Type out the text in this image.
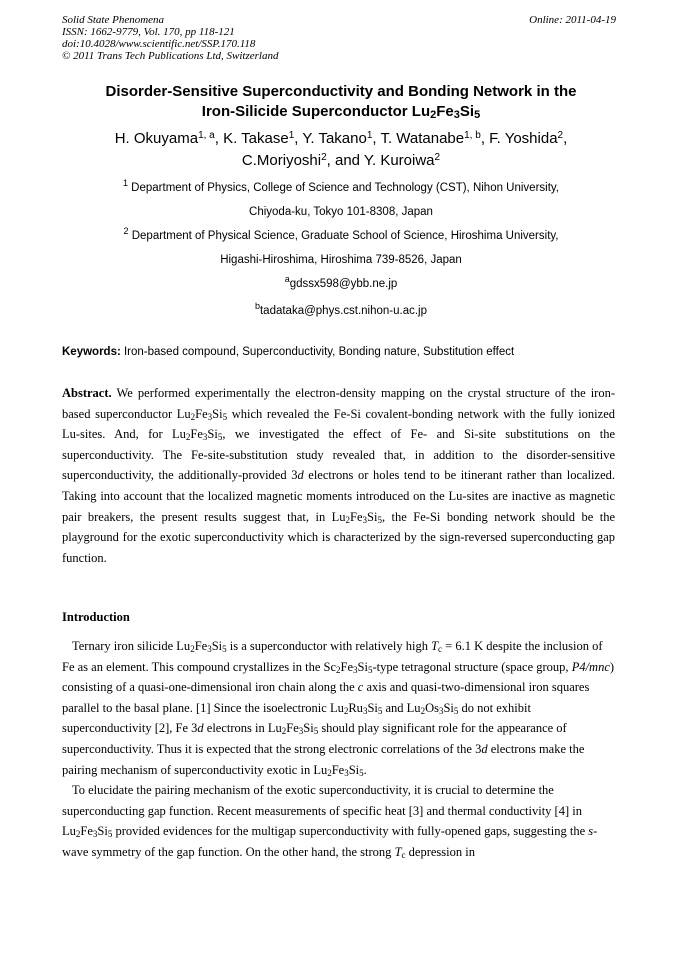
Solid State Phenomena
ISSN: 1662-9779, Vol. 170, pp 118-121
doi:10.4028/www.scientific.net/SSP.170.118
© 2011 Trans Tech Publications Ltd, Switzerland
Online: 2011-04-19
Disorder-Sensitive Superconductivity and Bonding Network in the
Iron-Silicide Superconductor $Lu_2Fe_3Si_5$
H. Okuyama$^{1, a}$, K. Takase$^1$, Y. Takano$^1$, T. Watanabe$^{1, b}$, F. Yoshida$^2$,
C.Moriyoshi$^2$, and Y. Kuroiwa$^2$
$^1$ Department of Physics, College of Science and Technology (CST), Nihon University,
Chiyoda-ku, Tokyo 101-8308, Japan
$^2$ Department of Physical Science, Graduate School of Science, Hiroshima University,
Higashi-Hiroshima, Hiroshima 739-8526, Japan
$^a$gdssx598@ybb.ne.jp
$^b$tadataka@phys.cst.nihon-u.ac.jp
Keywords: Iron-based compound, Superconductivity, Bonding nature, Substitution effect
Abstract. We performed experimentally the electron-density mapping on the crystal structure of the iron-based superconductor $Lu_2Fe_3Si_5$ which revealed the Fe-Si covalent-bonding network with the fully ionized Lu-sites. And, for $Lu_2Fe_3Si_5$, we investigated the effect of Fe- and Si-site substitutions on the superconductivity. The Fe-site-substitution study revealed that, in addition to the disorder-sensitive superconductivity, the additionally-provided 3d electrons or holes tend to be itinerant rather than localized. Taking into account that the localized magnetic moments introduced on the Lu-sites are inactive as magnetic pair breakers, the present results suggest that, in $Lu_2Fe_3Si_5$, the Fe-Si bonding network should be the playground for the exotic superconductivity which is characterized by the sign-reversed superconducting gap function.
Introduction

Ternary iron silicide $Lu_2Fe_3Si_5$ is a superconductor with relatively high $T_c = 6.1$ K despite the inclusion of Fe as an element. This compound crystallizes in the $Sc_2Fe_3Si_5$-type tetragonal structure (space group, P4/mnc) consisting of a quasi-one-dimensional iron chain along the c axis and quasi-two-dimensional iron squares parallel to the basal plane. [1] Since the isoelectronic $Lu_2Ru_3Si_5$ and $Lu_2Os_3Si_5$ do not exhibit superconductivity [2], Fe 3d electrons in $Lu_2Fe_3Si_5$ should play significant role for the appearance of superconductivity. Thus it is expected that the strong electronic correlations of the 3d electrons make the pairing mechanism of superconductivity exotic in $Lu_2Fe_3Si_5$.

To elucidate the pairing mechanism of the exotic superconductivity, it is crucial to determine the superconducting gap function. Recent measurements of specific heat [3] and thermal conductivity [4] in $Lu_2Fe_3Si_5$ provided evidences for the multigap superconductivity with fully-opened gaps, suggesting the s-wave symmetry of the gap function. On the other hand, the strong $T_c$ depression in
